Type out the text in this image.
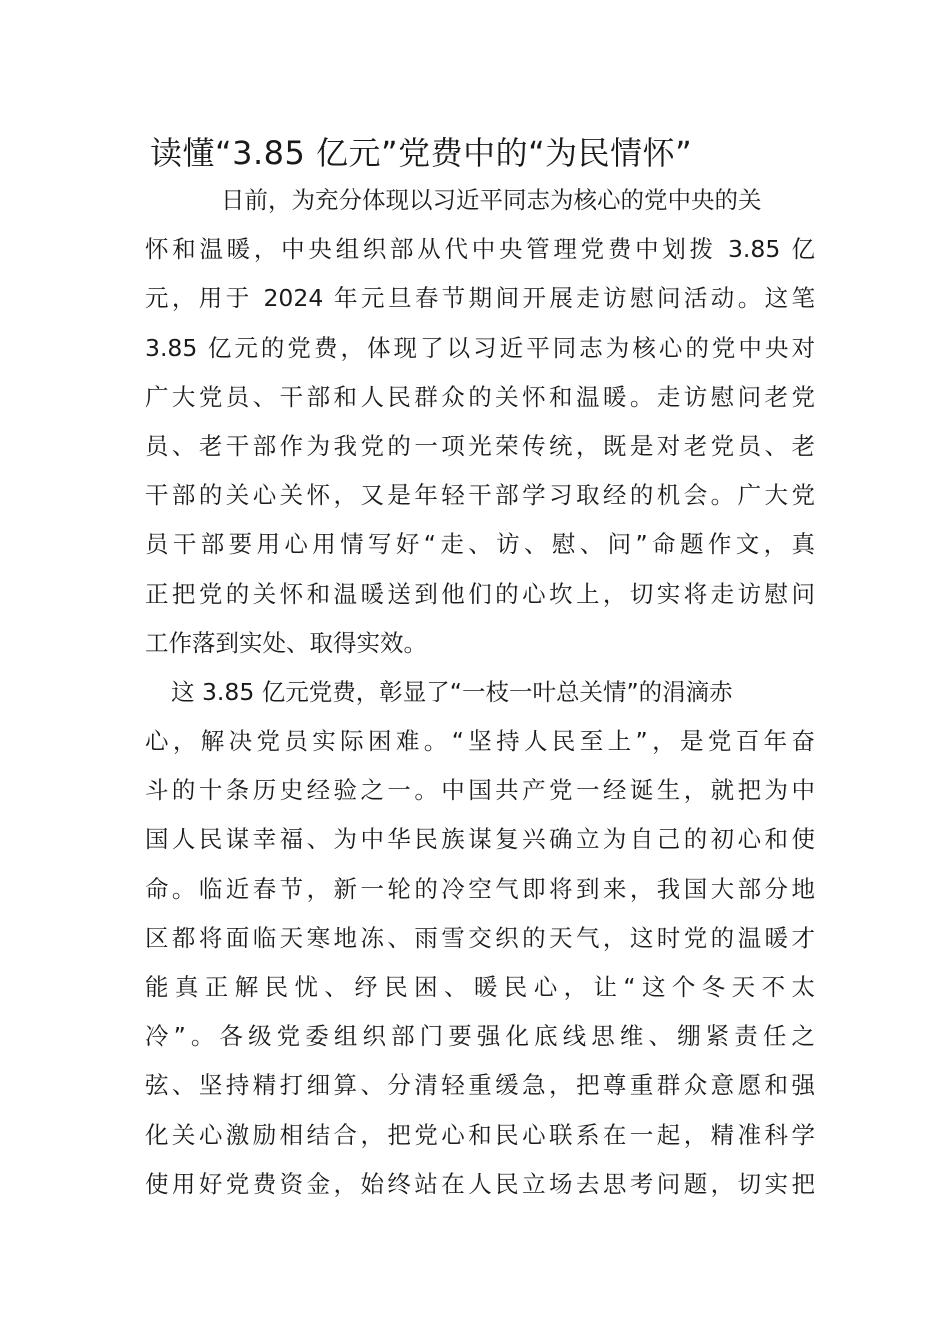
读懂“3.85 亿元”党费中的“为民情怀”
日前，为充分体现以习近平同志为核心的党中央的关
怀和温暖，中央组织部从代中央管理党费中划拨 3.85 亿
元，用于 2024 年元旦春节期间开展走访慰问活动。这笔
3.85 亿元的党费，体现了以习近平同志为核心的党中央对
广大党员、干部和人民群众的关怀和温暖。走访慰问老党
员、老干部作为我党的一项光荣传统，既是对老党员、老
干部的关心关怀，又是年轻干部学习取经的机会。广大党
员干部要用心用情写好“走、访、慰、问”命题作文，真
正把党的关怀和温暖送到他们的心坎上，切实将走访慰问
工作落到实处、取得实效。
这 3.85 亿元党费，彰显了“一枝一叶总关情”的涓滴赤
心，解决党员实际困难。“坚持人民至上”，是党百年奋
斗的十条历史经验之一。中国共产党一经诞生，就把为中
国人民谋幸福、为中华民族谋复兴确立为自己的初心和使
命。临近春节，新一轮的冷空气即将到来，我国大部分地
区都将面临天寒地冻、雨雪交织的天气，这时党的温暖才
能真正解民忧、纾民困、暖民心，让“这个冬天不太
冷”。各级党委组织部门要强化底线思维、绷紧责任之
弦、坚持精打细算、分清轻重缓急，把尊重群众意愿和强
化关心激励相结合，把党心和民心联系在一起，精准科学
使用好党费资金，始终站在人民立场去思考问题，切实把
